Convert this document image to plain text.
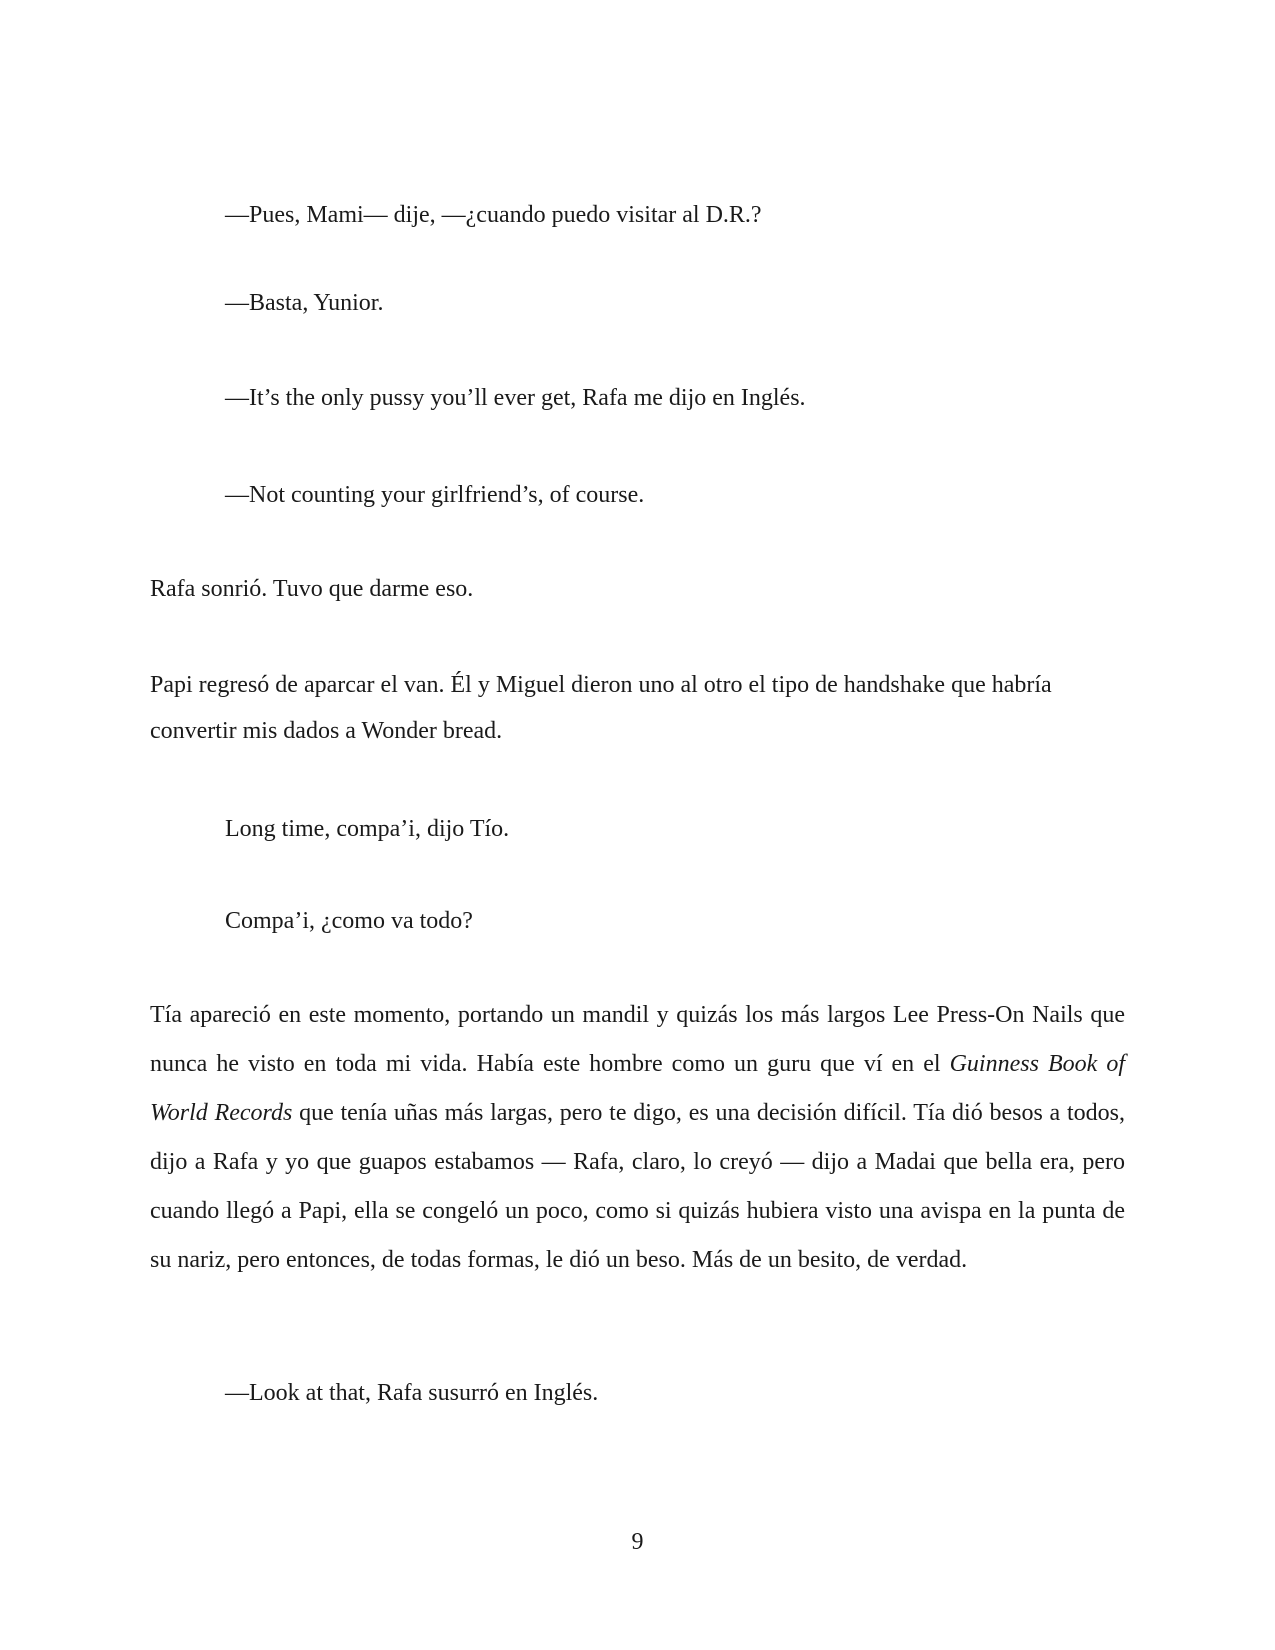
—Pues, Mami— dije, —¿cuando puedo visitar al D.R.?

—Basta, Yunior.

—It’s the only pussy you’ll ever get, Rafa me dijo en Inglés.

—Not counting your girlfriend’s, of course.

Rafa sonrió. Tuvo que darme eso.

Papi regresó de aparcar el van. Él y Miguel dieron uno al otro el tipo de handshake que habría

convertir mis dados a Wonder bread.

Long time, compa’i, dijo Tío.

Compa’i, ¿como va todo?

Tía apareció en este momento, portando un mandil y quizás los más largos Lee Press-On Nails que nunca he visto en toda mi vida. Había este hombre como un guru que ví en el Guinness Book of World Records que tenía uñas más largas, pero te digo, es una decisión difícil. Tía dió besos a todos, dijo a Rafa y yo que guapos estabamos — Rafa, claro, lo creyó — dijo a Madai que bella era, pero cuando llegó a Papi, ella se congeló un poco, como si quizás hubiera visto una avispa en la punta de su nariz, pero entonces, de todas formas, le dió un beso. Más de un besito, de verdad.

—Look at that, Rafa susurró en Inglés.

9
